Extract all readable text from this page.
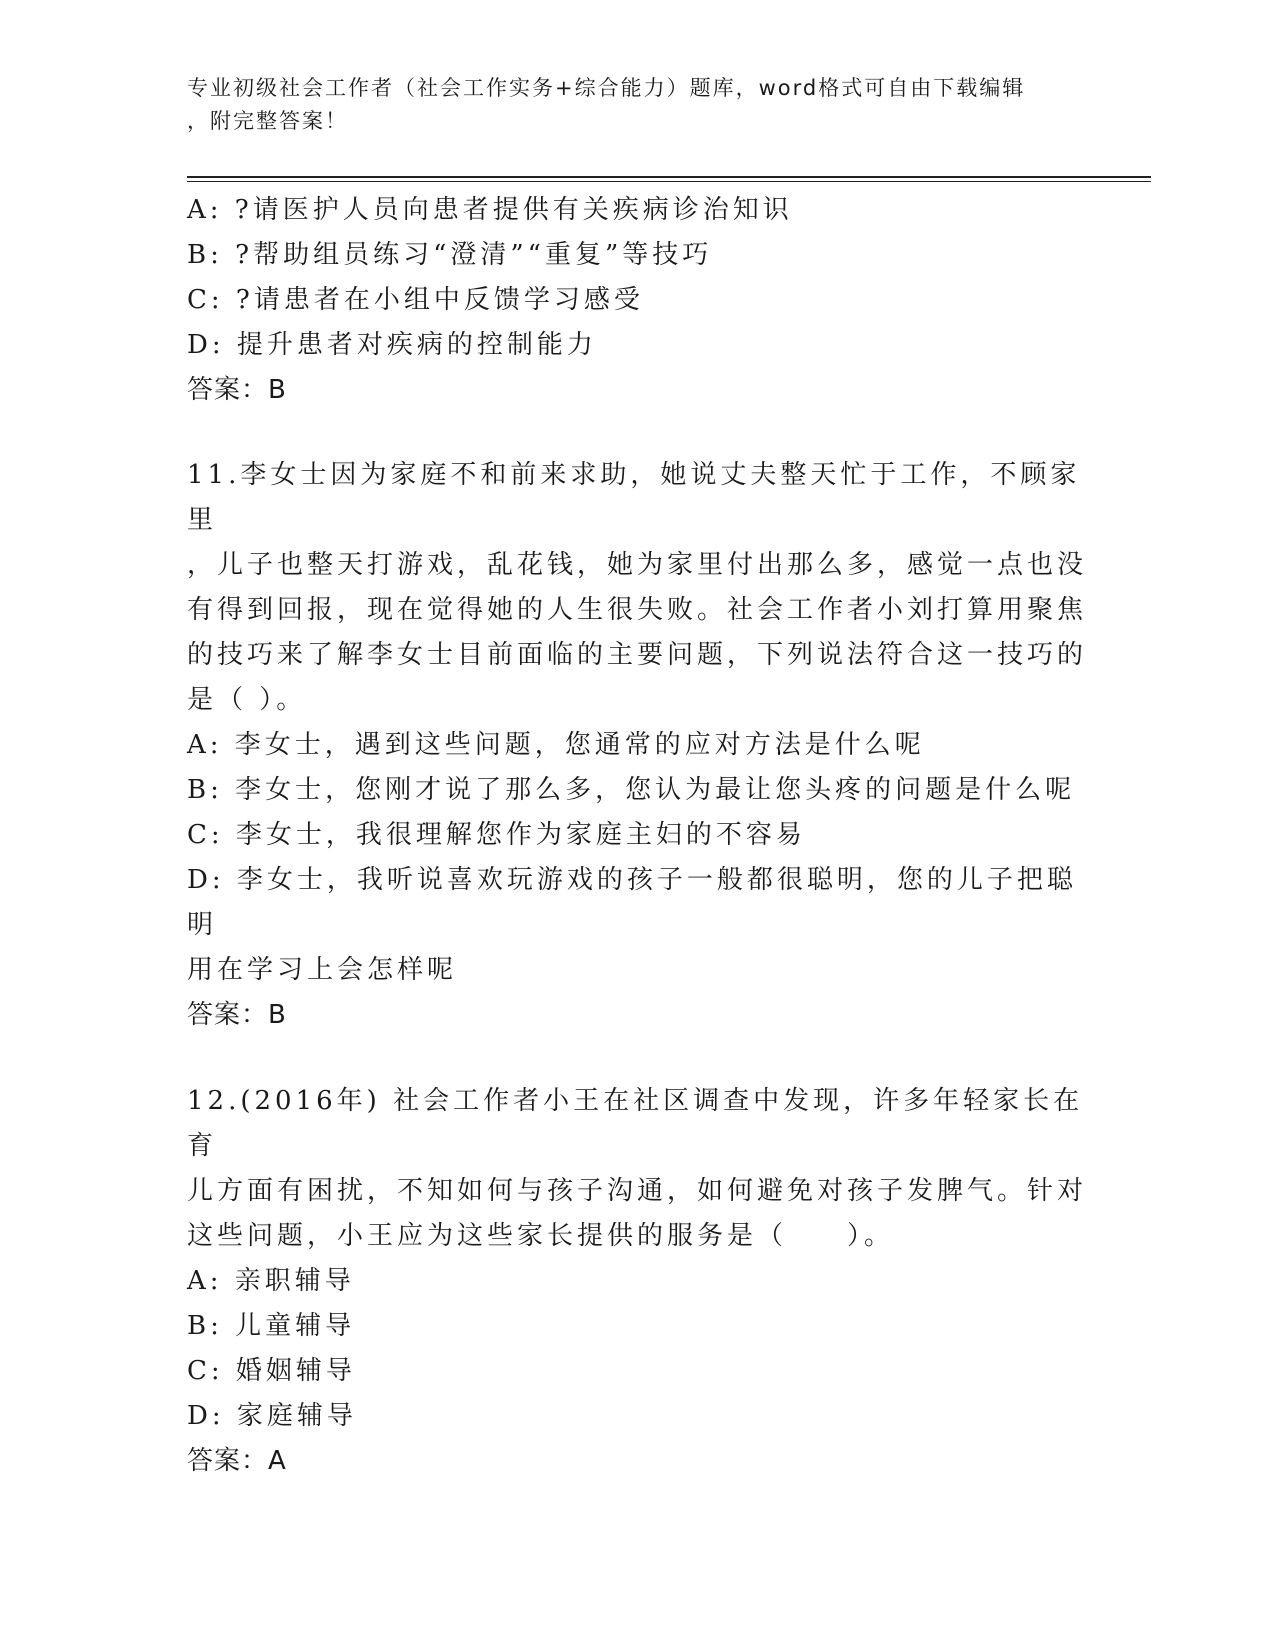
专业初级社会工作者（社会工作实务+综合能力）题库，word格式可自由下载编辑
，附完整答案！

A: ?请医护人员向患者提供有关疾病诊治知识

B: ?帮助组员练习“澄清”“重复”等技巧

C: ?请患者在小组中反馈学习感受

D: 提升患者对疾病的控制能力

答案：B

11.李女士因为家庭不和前来求助，她说丈夫整天忙于工作，不顾家里

，儿子也整天打游戏，乱花钱，她为家里付出那么多，感觉一点也没

有得到回报，现在觉得她的人生很失败。社会工作者小刘打算用聚焦

的技巧来了解李女士目前面临的主要问题，下列说法符合这一技巧的

是（ ）。

A: 李女士，遇到这些问题，您通常的应对方法是什么呢

B: 李女士，您刚才说了那么多，您认为最让您头疼的问题是什么呢

C: 李女士，我很理解您作为家庭主妇的不容易

D: 李女士，我听说喜欢玩游戏的孩子一般都很聪明，您的儿子把聪明

用在学习上会怎样呢

答案：B

12.(2016年) 社会工作者小王在社区调查中发现，许多年轻家长在育

儿方面有困扰，不知如何与孩子沟通，如何避免对孩子发脾气。针对

这些问题，小王应为这些家长提供的服务是（　　）。

A: 亲职辅导

B: 儿童辅导

C: 婚姻辅导

D: 家庭辅导

答案：A
